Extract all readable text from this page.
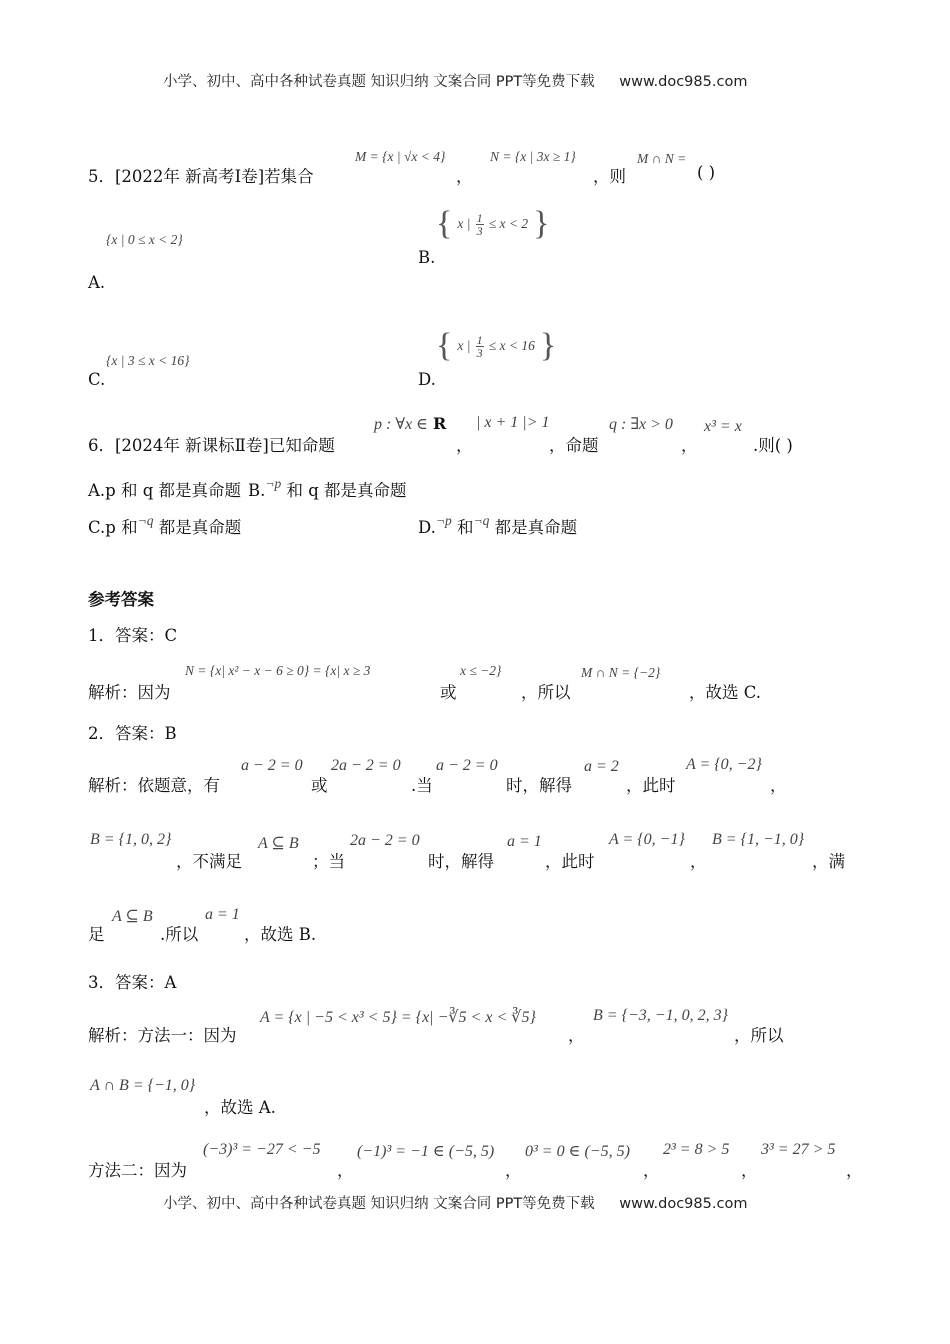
小学、初中、高中各种试卷真题 知识归纳 文案合同 PPT等免费下载 www.doc985.com
5．[2022年 新高考Ⅰ卷]若集合
M = {x | √x < 4}
，
N = {x | 3x ≥ 1}
，则
M ∩ N =
( )
{x | 0 ≤ x < 2}
A.
{ x | $\frac{1}{3} \le x < 2$ }
B.
{x | 3 ≤ x < 16}
C.
{ x | $\frac{1}{3} \le x < 16$ }
D.
6．[2024年 新课标Ⅱ卷]已知命题
p : ∀x ∈ R
，
| x + 1 |> 1
，命题
q : ∃x > 0
，
x³ = x
.则( )
A.p 和 q 都是真命题 B.$^{\neg p}$ 和 q 都是真命题
C.p 和$^{\neg q}$ 都是真命题	D.$^{\neg p}$ 和$^{\neg q}$ 都是真命题
参考答案
1．答案：C
解析：因为
N = {x| x² − x − 6 ≥ 0} = {x| x ≥ 3
或
x ≤ −2}
，所以
M ∩ N = {−2}
，故选 C.
2．答案：B
解析：依题意，有
a − 2 = 0
或
2a − 2 = 0
.当
a − 2 = 0
时，解得
a = 2
，此时
A = {0, −2}
，
B = {1, 0, 2}
，不满足
A ⊆ B
；当
2a − 2 = 0
时，解得
a = 1
，此时
A = {0, −1}
，
B = {1, −1, 0}
，满
足
A ⊆ B
.所以
a = 1
，故选 B.
3．答案：A
解析：方法一：因为
A = {x | −5 < x³ < 5} = {x| −∛5 < x < ∛5}
，
B = {−3, −1, 0, 2, 3}
，所以
A ∩ B = {−1, 0}
，故选 A.
方法二：因为
(−3)³ = −27 < −5
，
(−1)³ = −1 ∈ (−5, 5)
，
0³ = 0 ∈ (−5, 5)
，
2³ = 8 > 5
，
3³ = 27 > 5
，
小学、初中、高中各种试卷真题 知识归纳 文案合同 PPT等免费下载 www.doc985.com
